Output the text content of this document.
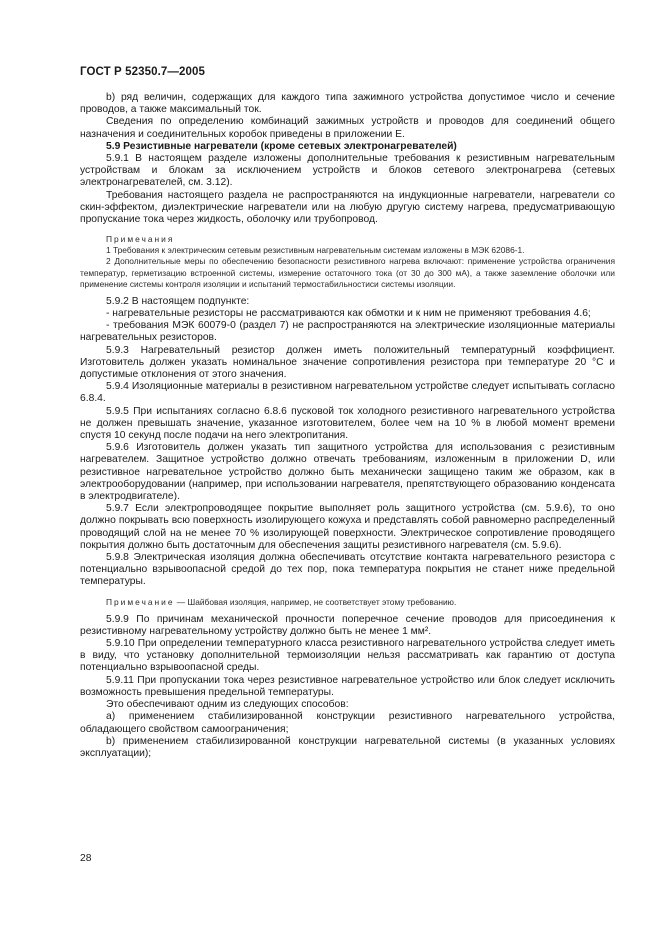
ГОСТ Р 52350.7—2005

b) ряд величин, содержащих для каждого типа зажимного устройства допустимое число и сечение проводов, а также максимальный ток.

Сведения по определению комбинаций зажимных устройств и проводов для соединений общего назначения и соединительных коробок приведены в приложении Е.

5.9 Резистивные нагреватели (кроме сетевых электронагревателей)

5.9.1 В настоящем разделе изложены дополнительные требования к резистивным нагревательным устройствам и блокам за исключением устройств и блоков сетевого электронагрева (сетевых электронагревателей, см. 3.12).

Требования настоящего раздела не распространяются на индукционные нагреватели, нагреватели со скин-эффектом, диэлектрические нагреватели или на любую другую систему нагрева, предусматривающую пропускание тока через жидкость, оболочку или трубопровод.

Примечания

1 Требования к электрическим сетевым резистивным нагревательным системам изложены в МЭК 62086-1.

2 Дополнительные меры по обеспечению безопасности резистивного нагрева включают: применение устройства ограничения температур, герметизацию встроенной системы, измерение остаточного тока (от 30 до 300 мА), а также заземление оболочки или применение системы контроля изоляции и испытаний термостабильностиси системы изоляции.

5.9.2 В настоящем подпункте:

- нагревательные резисторы не рассматриваются как обмотки и к ним не применяют требования 4.6;

- требования МЭК 60079-0 (раздел 7) не распространяются на электрические изоляционные материалы нагревательных резисторов.

5.9.3 Нагревательный резистор должен иметь положительный температурный коэффициент. Изготовитель должен указать номинальное значение сопротивления резистора при температуре 20 °С и допустимые отклонения от этого значения.

5.9.4 Изоляционные материалы в резистивном нагревательном устройстве следует испытывать согласно 6.8.4.

5.9.5 При испытаниях согласно 6.8.6 пусковой ток холодного резистивного нагревательного устройства не должен превышать значение, указанное изготовителем, более чем на 10 % в любой момент времени спустя 10 секунд после подачи на него электропитания.

5.9.6 Изготовитель должен указать тип защитного устройства для использования с резистивным нагревателем. Защитное устройство должно отвечать требованиям, изложенным в приложении D, или резистивное нагревательное устройство должно быть механически защищено таким же образом, как в электрооборудовании (например, при использовании нагревателя, препятствующего образованию конденсата в электродвигателе).

5.9.7 Если электропроводящее покрытие выполняет роль защитного устройства (см. 5.9.6), то оно должно покрывать всю поверхность изолирующего кожуха и представлять собой равномерно распределенный проводящий слой на не менее 70 % изолирующей поверхности. Электрическое сопротивление проводящего покрытия должно быть достаточным для обеспечения защиты резистивного нагревателя (см. 5.9.6).

5.9.8 Электрическая изоляция должна обеспечивать отсутствие контакта нагревательного резистора с потенциально взрывоопасной средой до тех пор, пока температура покрытия не станет ниже предельной температуры.

Примечание — Шайбовая изоляция, например, не соответствует этому требованию.

5.9.9 По причинам механической прочности поперечное сечение проводов для присоединения к резистивному нагревательному устройству должно быть не менее 1 мм².

5.9.10 При определении температурного класса резистивного нагревательного устройства следует иметь в виду, что установку дополнительной термоизоляции нельзя рассматривать как гарантию от доступа потенциально взрывоопасной среды.

5.9.11 При пропускании тока через резистивное нагревательное устройство или блок следует исключить возможность превышения предельной температуры.

Это обеспечивают одним из следующих способов:

а) применением стабилизированной конструкции резистивного нагревательного устройства, обладающего свойством самоограничения;

b) применением стабилизированной конструкции нагревательной системы (в указанных условиях эксплуатации);

28
